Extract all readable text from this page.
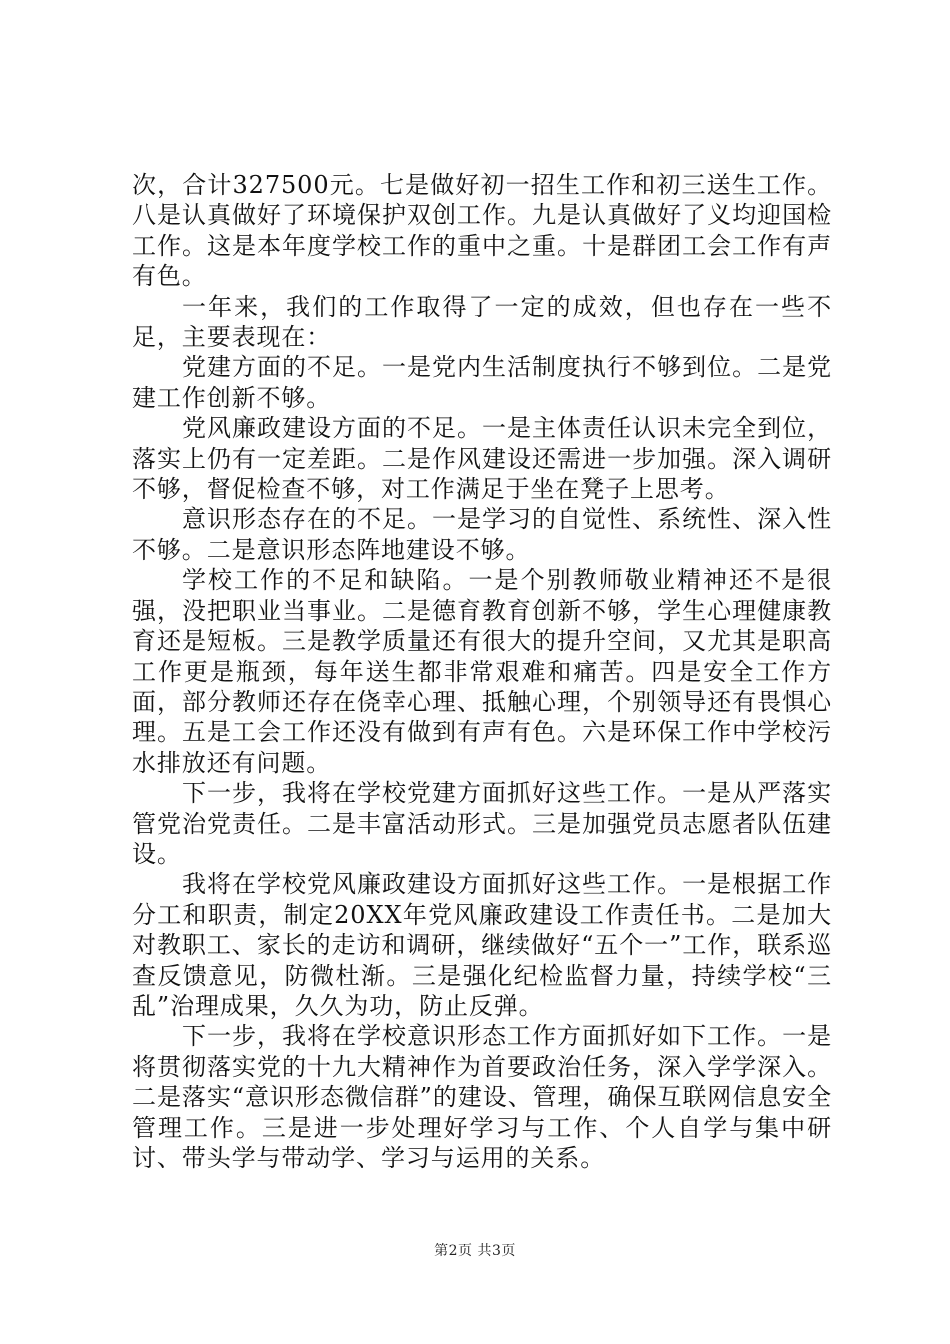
次，合计327500元。七是做好初一招生工作和初三送生工作。八是认真做好了环境保护双创工作。九是认真做好了义均迎国检工作。这是本年度学校工作的重中之重。十是群团工会工作有声有色。

一年来，我们的工作取得了一定的成效，但也存在一些不足，主要表现在：

党建方面的不足。一是党内生活制度执行不够到位。二是党建工作创新不够。

党风廉政建设方面的不足。一是主体责任认识未完全到位，落实上仍有一定差距。二是作风建设还需进一步加强。深入调研不够，督促检查不够，对工作满足于坐在凳子上思考。

意识形态存在的不足。一是学习的自觉性、系统性、深入性不够。二是意识形态阵地建设不够。

学校工作的不足和缺陷。一是个别教师敬业精神还不是很强，没把职业当事业。二是德育教育创新不够，学生心理健康教育还是短板。三是教学质量还有很大的提升空间，又尤其是职高工作更是瓶颈，每年送生都非常艰难和痛苦。四是安全工作方面，部分教师还存在侥幸心理、抵触心理，个别领导还有畏惧心理。五是工会工作还没有做到有声有色。六是环保工作中学校污水排放还有问题。

下一步，我将在学校党建方面抓好这些工作。一是从严落实管党治党责任。二是丰富活动形式。三是加强党员志愿者队伍建设。

我将在学校党风廉政建设方面抓好这些工作。一是根据工作分工和职责，制定20XX年党风廉政建设工作责任书。二是加大对教职工、家长的走访和调研，继续做好“五个一”工作，联系巡查反馈意见，防微杜渐。三是强化纪检监督力量，持续学校“三乱”治理成果，久久为功，防止反弹。

下一步，我将在学校意识形态工作方面抓好如下工作。一是将贯彻落实党的十九大精神作为首要政治任务，深入学学深入。二是落实“意识形态微信群”的建设、管理，确保互联网信息安全管理工作。三是进一步处理好学习与工作、个人自学与集中研讨、带头学与带动学、学习与运用的关系。

第2页 共3页
